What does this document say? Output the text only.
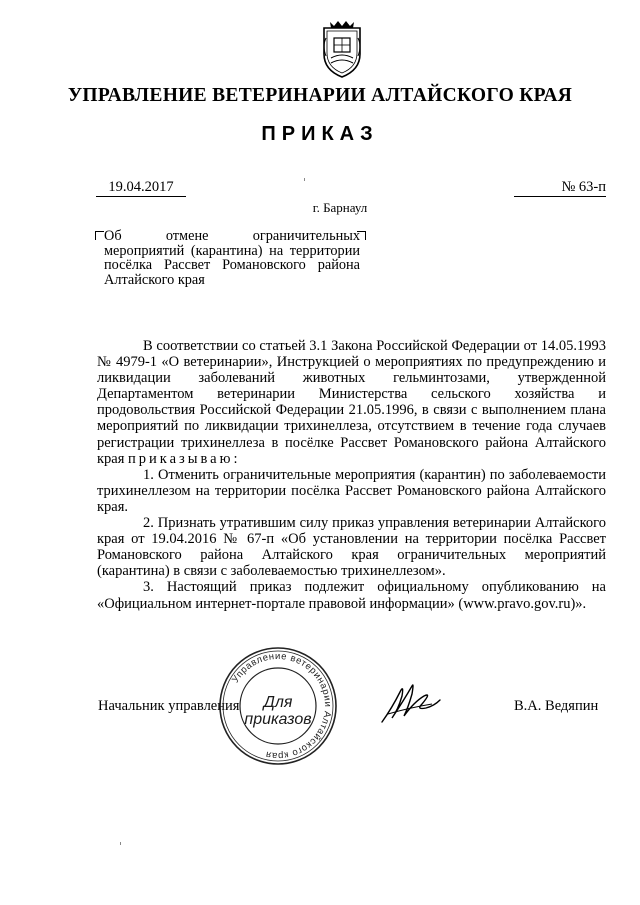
УПРАВЛЕНИЕ ВЕТЕРИНАРИИ АЛТАЙСКОГО КРАЯ
ПРИКАЗ
19.04.2017	№ 63-п
г. Барнаул
Об отмене ограничительных мероприятий (карантина) на территории посёлка Рассвет Романовского района Алтайского края

В соответствии со статьей 3.1 Закона Российской Федерации от 14.05.1993 № 4979-1 «О ветеринарии», Инструкцией о мероприятиях по предупреждению и ликвидации заболеваний животных гельминтозами, утвержденной Департаментом ветеринарии Министерства сельского хозяйства и продовольствия Российской Федерации 21.05.1996, в связи с выполнением плана мероприятий по ликвидации трихинеллеза, отсутствием в течение года случаев регистрации трихинеллеза в посёлке Рассвет Романовского района Алтайского края приказываю:

1. Отменить ограничительные мероприятия (карантин) по заболеваемости трихинеллезом на территории посёлка Рассвет Романовского района Алтайского края.

2. Признать утратившим силу приказ управления ветеринарии Алтайского края от 19.04.2016 № 67-п «Об установлении на территории посёлка Рассвет Романовского района Алтайского края ограничительных мероприятий (карантина) в связи с заболеваемостью трихинеллезом».

3. Настоящий приказ подлежит официальному опубликованию на «Официальном интернет-портале правовой информации» (www.pravo.gov.ru)».

Начальник управления	В.А. Ведяпин
Управление ветеринарии Алтайского края
Для
приказов
